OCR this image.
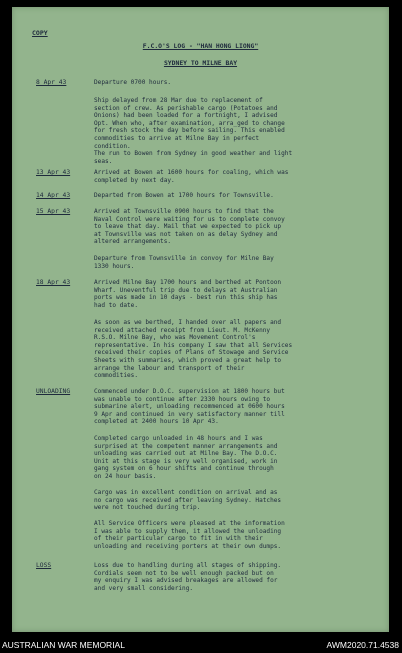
COPY
F.C.O'S LOG - "HAN HONG LIONG"
SYDNEY TO MILNE BAY
8 Apr 43	Departure 0700 hours.
Ship delayed from 28 Mar due to replacement of
section of crew. As perishable cargo (Potatoes and
Onions) had been loaded for a fortnight, I advised
Opt. When who, after examination, arra_ged to change
for fresh stock the day before sailing. This enabled
commodities to arrive at Milne Bay in perfect
condition.
The run to Bowen from Sydney in good weather and light
seas.
13 Apr 43	Arrived at Bowen at 1600 hours for coaling, which was
completed by next day.
14 Apr 43	Departed from Bowen at 1700 hours for Townsville.
15 Apr 43	Arrived at Townsville 0900 hours to find that the
Naval Control were waiting for us to complete convoy
to leave that day. Mail that we expected to pick up
at Townsville was not taken on as delay Sydney and
altered arrangements.
Departure from Townsville in convoy for Milne Bay
1330 hours.
18 Apr 43	Arrived Milne Bay 1700 hours and berthed at Pontoon
Wharf. Uneventful trip due to delays at Australian
ports was made in 10 days - best run this ship has
had to date.
As soon as we berthed, I handed over all papers and
received attached receipt from Lieut. M. McKenny
R.S.O. Milne Bay, who was Movement Control's
representative. In his company I saw that all Services
received their copies of Plans of Stowage and Service
Sheets with summaries, which proved a great help to
arrange the labour and transport of their
commodities.
UNLOADING	Commenced under D.O.C. supervision at 1800 hours but
was unable to continue after 2330 hours owing to
submarine alert, unloading recommenced at 0600 hours
9 Apr and continued in very satisfactory manner till
completed at 2400 hours 10 Apr 43.
Completed cargo unloaded in 48 hours and I was
surprised at the competent manner arrangements and
unloading was carried out at Milne Bay. The D.O.C.
Unit at this stage is very well organised, work in
gang system on 6 hour shifts and continue through
on 24 hour basis.
Cargo was in excellent condition on arrival and as
no cargo was received after leaving Sydney. Hatches
were not touched during trip.
All Service Officers were pleased at the information
I was able to supply them, it allowed the unloading
of their particular cargo to fit in with their
unloading and receiving porters at their own dumps.
LOSS	Loss due to handling during all stages of shipping.
Cordials seem not to be well enough packed but on
my enquiry I was advised breakages are allowed for
and very small considering.
AUSTRALIAN WAR MEMORIAL	AWM2020.71.4538
